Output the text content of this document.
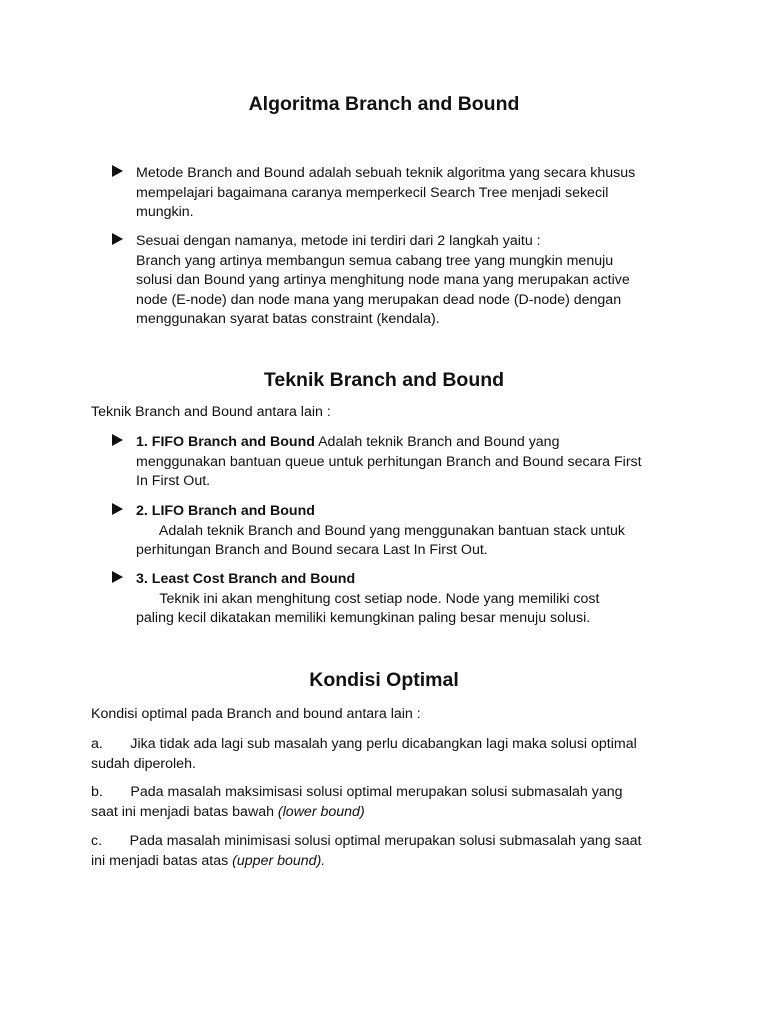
Algoritma Branch and Bound
Metode Branch and Bound adalah sebuah teknik algoritma yang secara khusus
mempelajari bagaimana caranya memperkecil Search Tree menjadi sekecil
mungkin.
Sesuai dengan namanya, metode ini terdiri dari 2 langkah yaitu :
Branch yang artinya membangun semua cabang tree yang mungkin menuju
solusi dan Bound yang artinya menghitung node mana yang merupakan active
node (E-node) dan node mana yang merupakan dead node (D-node) dengan
menggunakan syarat batas constraint (kendala).
Teknik Branch and Bound
Teknik Branch and Bound antara lain :
1. FIFO Branch and Bound Adalah teknik Branch and Bound yang
menggunakan bantuan queue untuk perhitungan Branch and Bound secara First
In First Out.
2. LIFO Branch and Bound
Adalah teknik Branch and Bound yang menggunakan bantuan stack untuk
perhitungan Branch and Bound secara Last In First Out.
3. Least Cost Branch and Bound
Teknik ini akan menghitung cost setiap node. Node yang memiliki cost
paling kecil dikatakan memiliki kemungkinan paling besar menuju solusi.
Kondisi Optimal
Kondisi optimal pada Branch and bound antara lain :
a.       Jika tidak ada lagi sub masalah yang perlu dicabangkan lagi maka solusi optimal
sudah diperoleh.
b.       Pada masalah maksimisasi solusi optimal merupakan solusi submasalah yang
saat ini menjadi batas bawah (lower bound)
c.       Pada masalah minimisasi solusi optimal merupakan solusi submasalah yang saat
ini menjadi batas atas (upper bound).
